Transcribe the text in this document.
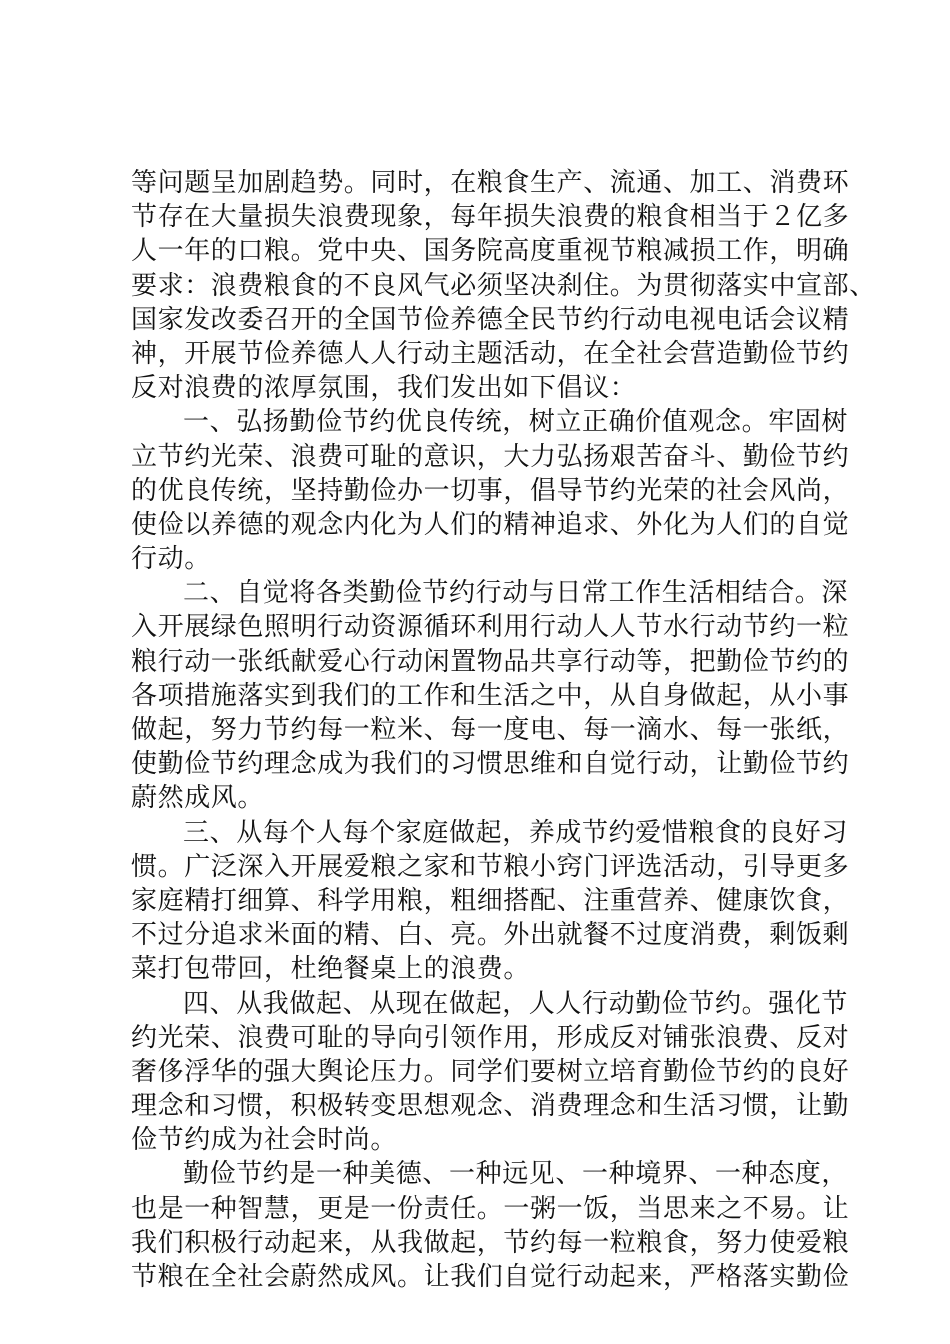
等问题呈加剧趋势。同时，在粮食生产、流通、加工、消费环
节存在大量损失浪费现象，每年损失浪费的粮食相当于２亿多
人一年的口粮。党中央、国务院高度重视节粮减损工作，明确
要求：浪费粮食的不良风气必须坚决刹住。为贯彻落实中宣部、
国家发改委召开的全国节俭养德全民节约行动电视电话会议精
神，开展节俭养德人人行动主题活动，在全社会营造勤俭节约
反对浪费的浓厚氛围，我们发出如下倡议：
一、弘扬勤俭节约优良传统，树立正确价值观念。牢固树
立节约光荣、浪费可耻的意识，大力弘扬艰苦奋斗、勤俭节约
的优良传统，坚持勤俭办一切事，倡导节约光荣的社会风尚，
使俭以养德的观念内化为人们的精神追求、外化为人们的自觉
行动。
二、自觉将各类勤俭节约行动与日常工作生活相结合。深
入开展绿色照明行动资源循环利用行动人人节水行动节约一粒
粮行动一张纸献爱心行动闲置物品共享行动等，把勤俭节约的
各项措施落实到我们的工作和生活之中，从自身做起，从小事
做起，努力节约每一粒米、每一度电、每一滴水、每一张纸，
使勤俭节约理念成为我们的习惯思维和自觉行动，让勤俭节约
蔚然成风。
三、从每个人每个家庭做起，养成节约爱惜粮食的良好习
惯。广泛深入开展爱粮之家和节粮小窍门评选活动，引导更多
家庭精打细算、科学用粮，粗细搭配、注重营养、健康饮食，
不过分追求米面的精、白、亮。外出就餐不过度消费，剩饭剩
菜打包带回，杜绝餐桌上的浪费。
四、从我做起、从现在做起，人人行动勤俭节约。强化节
约光荣、浪费可耻的导向引领作用，形成反对铺张浪费、反对
奢侈浮华的强大舆论压力。同学们要树立培育勤俭节约的良好
理念和习惯，积极转变思想观念、消费理念和生活习惯，让勤
俭节约成为社会时尚。
勤俭节约是一种美德、一种远见、一种境界、一种态度，
也是一种智慧，更是一份责任。一粥一饭，当思来之不易。让
我们积极行动起来，从我做起，节约每一粒粮食，努力使爱粮
节粮在全社会蔚然成风。让我们自觉行动起来，严格落实勤俭
